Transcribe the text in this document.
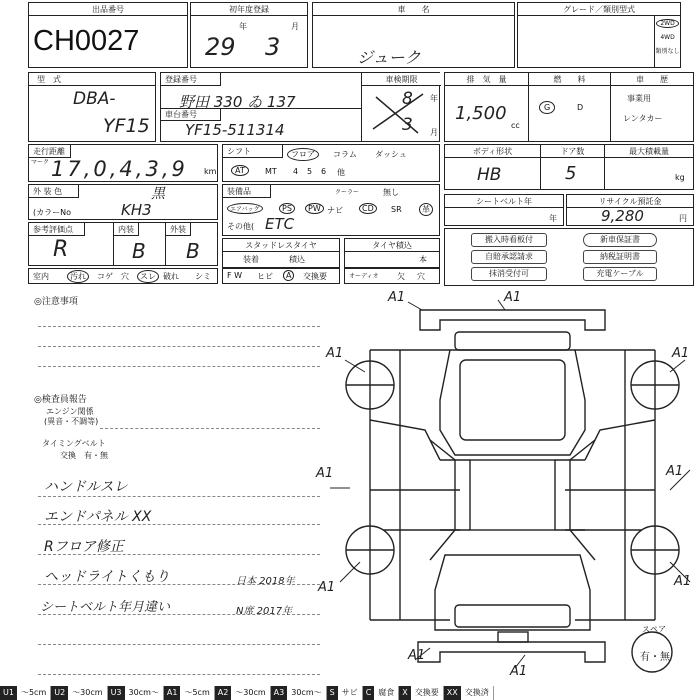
出品番号
CH0027
初年度登録
年	月
29 3
車　　名
ジューク
グレード／類別型式
2WD
4WD
類別なし
型　式
DBA-
YF15
登録番号
野田 330 ゐ 137
車台番号
YF15-511314
車検期限
年
月
8
3
排　気　量
1,500
cc
燃　　料
G	D
車　　歴
事業用
レンタカー
走行距離
マーク 17,0,4,3,9 km
シフト	フロア	コラム ダッシュ
AT	MT 4 5 6 他
ボディ形状
HB
ドア数
5
最大積載量
kg
外 装 色	黒
(カラーNo	KH3
装備品	クーラー	無し
エアバッグ	PS	PW ナビ	CD	SR	革
その他( ETC
シートベルト年
年
リサイクル預託金
9,280	円
参考評価点
R
内装
B
外装
B	スタッドレスタイヤ
装着	積込
タイヤ積込
本
搬入時看板付	新車保証書
自賠承認請求	納税証明書
抹消受付可	充電ケーブル
室内	汚れ	コゲ 穴	スレ 破れ シミ F W ヒビ	A	交換要	オーディオ 欠 穴
◎注意事項
◎検査員報告
エンジン関係
(異音・不調等)
タイミングベルト
交換　有・無
ハンドルスレ
エンドパネル XX
Rフロア修正
ヘッドライトくもり
シートベルト年月違い
日本 2018年
N席 2017年
A1	A1
A1	A1
A1	A1
A1	A1
A1
A1
スペア
有・無
U1 ～5cm	U2 ～30cm	U3 30cm～	A1 ～5cm	A2 ～30cm	A3 30cm～	S サビ	C 腐食	X 交換要	XX 交換済
